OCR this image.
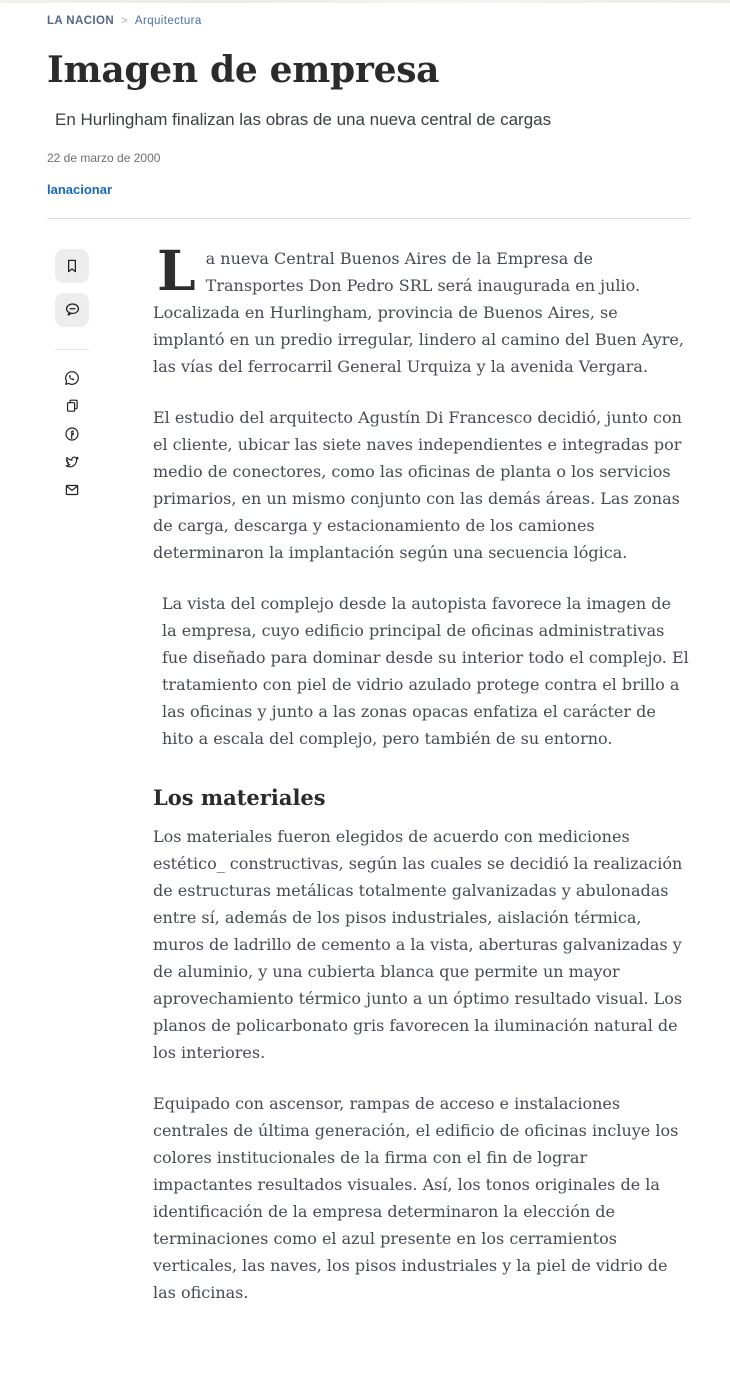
LA NACION > Arquitectura
Imagen de empresa
En Hurlingham finalizan las obras de una nueva central de cargas
22 de marzo de 2000
lanacionar

La nueva Central Buenos Aires de la Empresa de Transportes Don Pedro SRL será inaugurada en julio. Localizada en Hurlingham, provincia de Buenos Aires, se implantó en un predio irregular, lindero al camino del Buen Ayre, las vías del ferrocarril General Urquiza y la avenida Vergara.

El estudio del arquitecto Agustín Di Francesco decidió, junto con el cliente, ubicar las siete naves independientes e integradas por medio de conectores, como las oficinas de planta o los servicios primarios, en un mismo conjunto con las demás áreas. Las zonas de carga, descarga y estacionamiento de los camiones determinaron la implantación según una secuencia lógica.

La vista del complejo desde la autopista favorece la imagen de la empresa, cuyo edificio principal de oficinas administrativas fue diseñado para dominar desde su interior todo el complejo. El tratamiento con piel de vidrio azulado protege contra el brillo a las oficinas y junto a las zonas opacas enfatiza el carácter de hito a escala del complejo, pero también de su entorno.

Los materiales

Los materiales fueron elegidos de acuerdo con mediciones estético_ constructivas, según las cuales se decidió la realización de estructuras metálicas totalmente galvanizadas y abulonadas entre sí, además de los pisos industriales, aislación térmica, muros de ladrillo de cemento a la vista, aberturas galvanizadas y de aluminio, y una cubierta blanca que permite un mayor aprovechamiento térmico junto a un óptimo resultado visual. Los planos de policarbonato gris favorecen la iluminación natural de los interiores.

Equipado con ascensor, rampas de acceso e instalaciones centrales de última generación, el edificio de oficinas incluye los colores institucionales de la firma con el fin de lograr impactantes resultados visuales. Así, los tonos originales de la identificación de la empresa determinaron la elección de terminaciones como el azul presente en los cerramientos verticales, las naves, los pisos industriales y la piel de vidrio de las oficinas.
